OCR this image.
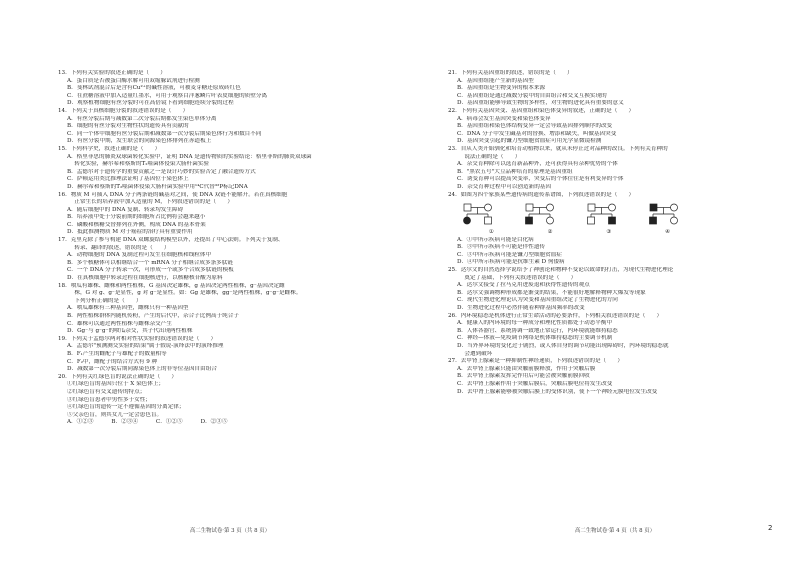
13．下列有关实验的叙述正确的是（　　）
A．蛋白质是否被蛋白酶水解可用双缩脲试剂进行检测
B．斐林试剂混合后是含有Cu²⁺的碱性溶液，可被麦芽糖还原成砖红色
C．在蔗糖溶液中加入适量红墨水，可用于观察白洋葱鳞片叶表皮细胞的质壁分离
D．观察植物细胞有丝分裂时可在高倍镜下看到细胞连续分裂的过程
14．下列关于真核细胞分裂的叙述错误的是（　　）
A．有丝分裂后期与减数第二次分裂后期都发生染色单体分离
B．细胞的有丝分裂对生物性状的遗传具有贡献的
C．同一个体中细胞有丝分裂后期和减数第一次分裂后期染色体行为和数目不同
D．有丝分裂中期，发生联会的同源染色体排列在赤道板上
15．下列科学史，叙述正确的是（　　）
A．格里菲思的肺炎双球菌转化实验中，证明 DNA 是遗传物质的实验结论：格里菲斯的肺炎双球菌
　 转化实验，赫尔希和蔡斯的T₂噬菌体侵染大肠杆菌实验
B．孟德尔对于遗传学的重要贡献之一是设计巧妙的实验否定了融合遗传方式
C．萨顿运用类比推理法证明了基因位于染色体上
D．赫尔希和蔡斯的T₂噬菌体侵染大肠杆菌实验中用¹⁴C代替³²P标记DNA
16．物质 M 可插入 DNA 分子两条链的碱基对之间，使 DNA 双链不能解开。若在真核细胞
　 正常生长的培养液中加入适量的 M，下列叙述错误的是（　　）
A．随后细胞中的 DNA 复制、转录均发生障碍
B．培养液中处于分裂前期的细胞所占比例将会越来越小
C．磷酸和核糖交替排列在外侧，构成 DNA 的基本骨架
D．抵此推测物质 M 对于癌症的治疗具有重要作用
17．克里克除了参与构建 DNA 双螺旋结构模型以外，还提出了中心法则。下列关于复制、
　 转录、翻译的叙述，错误的是（　　）
A．动物细胞的 DNA 复制过程可发生在细胞核和线粒体中
B．多个核糖体可以相继结合一个 mRNA 分子相继合成多条多肽链
C．一个 DNA 分子转录一次，可形成一个或多个合成多肽链的模板
D．在真核细胞中转录过程在细胞核进行，以核糖核苷酸为原料
18．喷瓜有雄株、雌株和两性植株，G 基因决定雄株，g 基因决定两性植株，g⁻基因决定雌
　 株，G 对 g、g⁻是显性，g 对 g⁻是显性。如：Gg 是雄株，gg⁻是两性植株，g⁻g⁻是雌株。
　 下列分析正确的是（　　）
A．喷瓜雄株有三种基因型，雌株只有一种基因型
B．两性植株群体内随机传粉，产生的后代中，杂合子比例高于纯合子
C．雄株可以通过两性植株与雌株杂交产生
D．Gg⁻与 g⁻g⁻的喷瓜杂交，其子代出现两性植株
19．下列关于孟德尔两对相对性状实验的叙述错误的是（　　）
A．孟德尔"预测测交实验的结果"属于假说-演绎法中的演绎推理
B．F₁产生的雌配子与雄配子的数量相等
C．F₂中，雌配子的结合方式有 9 种
D．减数第一次分裂后期同源染色体上的非等位基因自由组合
20．下列有关红绿色盲的说法正确的是（　　）
①红绿色盲的基因只位于 X 染色体上；
②红绿色盲有交叉遗传的特点；
③红绿色盲患者中男性多于女性；
④红绿色盲的遗传一定不遵循基因的分离定律；
⑤父亲色盲，则其女儿一定会患色盲。
A．①②③	B．②③④	C．①②⑤	D．②③⑤
21．下列有关基因重组的叙述，错误的是（　　）
A．基因重组能产生新的基因型
B．基因重组是生物变异的根本来源
C．基因重组是通过减数分裂中的自由组合和交叉互换实现的
D．基因重组能够导致生物的多样性，对生物的进化具有重要的意义
22．下列有关基因突变、基因重组和染色体变异的叙述，正确的是（　　）
A．病毒会发生基因突变和染色体变异
B．基因重组和染色体结构变异一定会导致基因排列顺序的改变
C．DNA 分子中发生碱基对的替换、增添和缺失，叫做基因突变
D．基因突变引起的镰刀型细胞贫血症可用光学显微镜检测
23．自从人类开始驯化和培育动植物以来，就从未停止过对品种的改良。下列有关育种的
　 说法正确的是（　　）
A．杂交育种除可以选育新品种外，还可获得具有杂种优势的个体
B．"黑农五号"大豆品种培育的原理是基因重组
C．诱变育种可以提高突变率，突变后的个体往往是有利变异的个体
D．杂交育种过程中可以创造新的基因
24．如图为四个家族某些遗传病的遗传系谱图，下列叙述错误的是（　　）
①	②	③	④
A．①中所示疾病可能是白化病
B．③中所示疾病不可能是伴性遗传
C．③中所示疾病可能是镰刀型细胞贫血症
D．④中所示疾病可能是抗维生素 D 佝偻病
25．达尔文的自然选择学说给予了神创论和物种不变论以致命的打击，为现代生物进化理论
　 奠定了基础，下列有关叙述错误的是（　　）
A．达尔文接受了拉马克用进废退和获得性遗传的观点
B．达尔文强调物种形成都是渐变的结果，不能很好地解释物种大爆发等现象
C．现代生物进化理论认为突变和基因重组决定了生物进化的方向
D．生物进化过程中必然伴随着种群基因频率的改变
26．内环境稳态是机体进行正常生命活动的必要条件，下列相关叙述错误的是（　　）
A．健康人的内环境的每一种成分和理化性质都处于动态平衡中
B．人体各器官、系统协调一致地正常运行，内环境就能维持稳态
C．神经—体液—免疫调节网络是机体维持稳态的主要调节机制
D．当外界环境的变化过于剧烈，或人体自身的调节功能出现障碍时，内环境的稳态就
　 会遭到破坏
27．去甲肾上腺素是一种抑制性神经递质，下列叙述错误的是（　　）
A．去甲肾上腺素只能由突触前膜释放，作用于突触后膜
B．去甲肾上腺素发挥完作用后可能会被突触前膜回收
C．去甲肾上腺素作用于突触后膜后，突触后膜电位将发生改变
D．去甲肾上腺素能够被突触后膜上的受体识别，使下一个神经元膜电位发生改变
高二生物试卷·第 3 页（共 8 页）	高二生物试卷·第 4 页（共 8 页）	2
